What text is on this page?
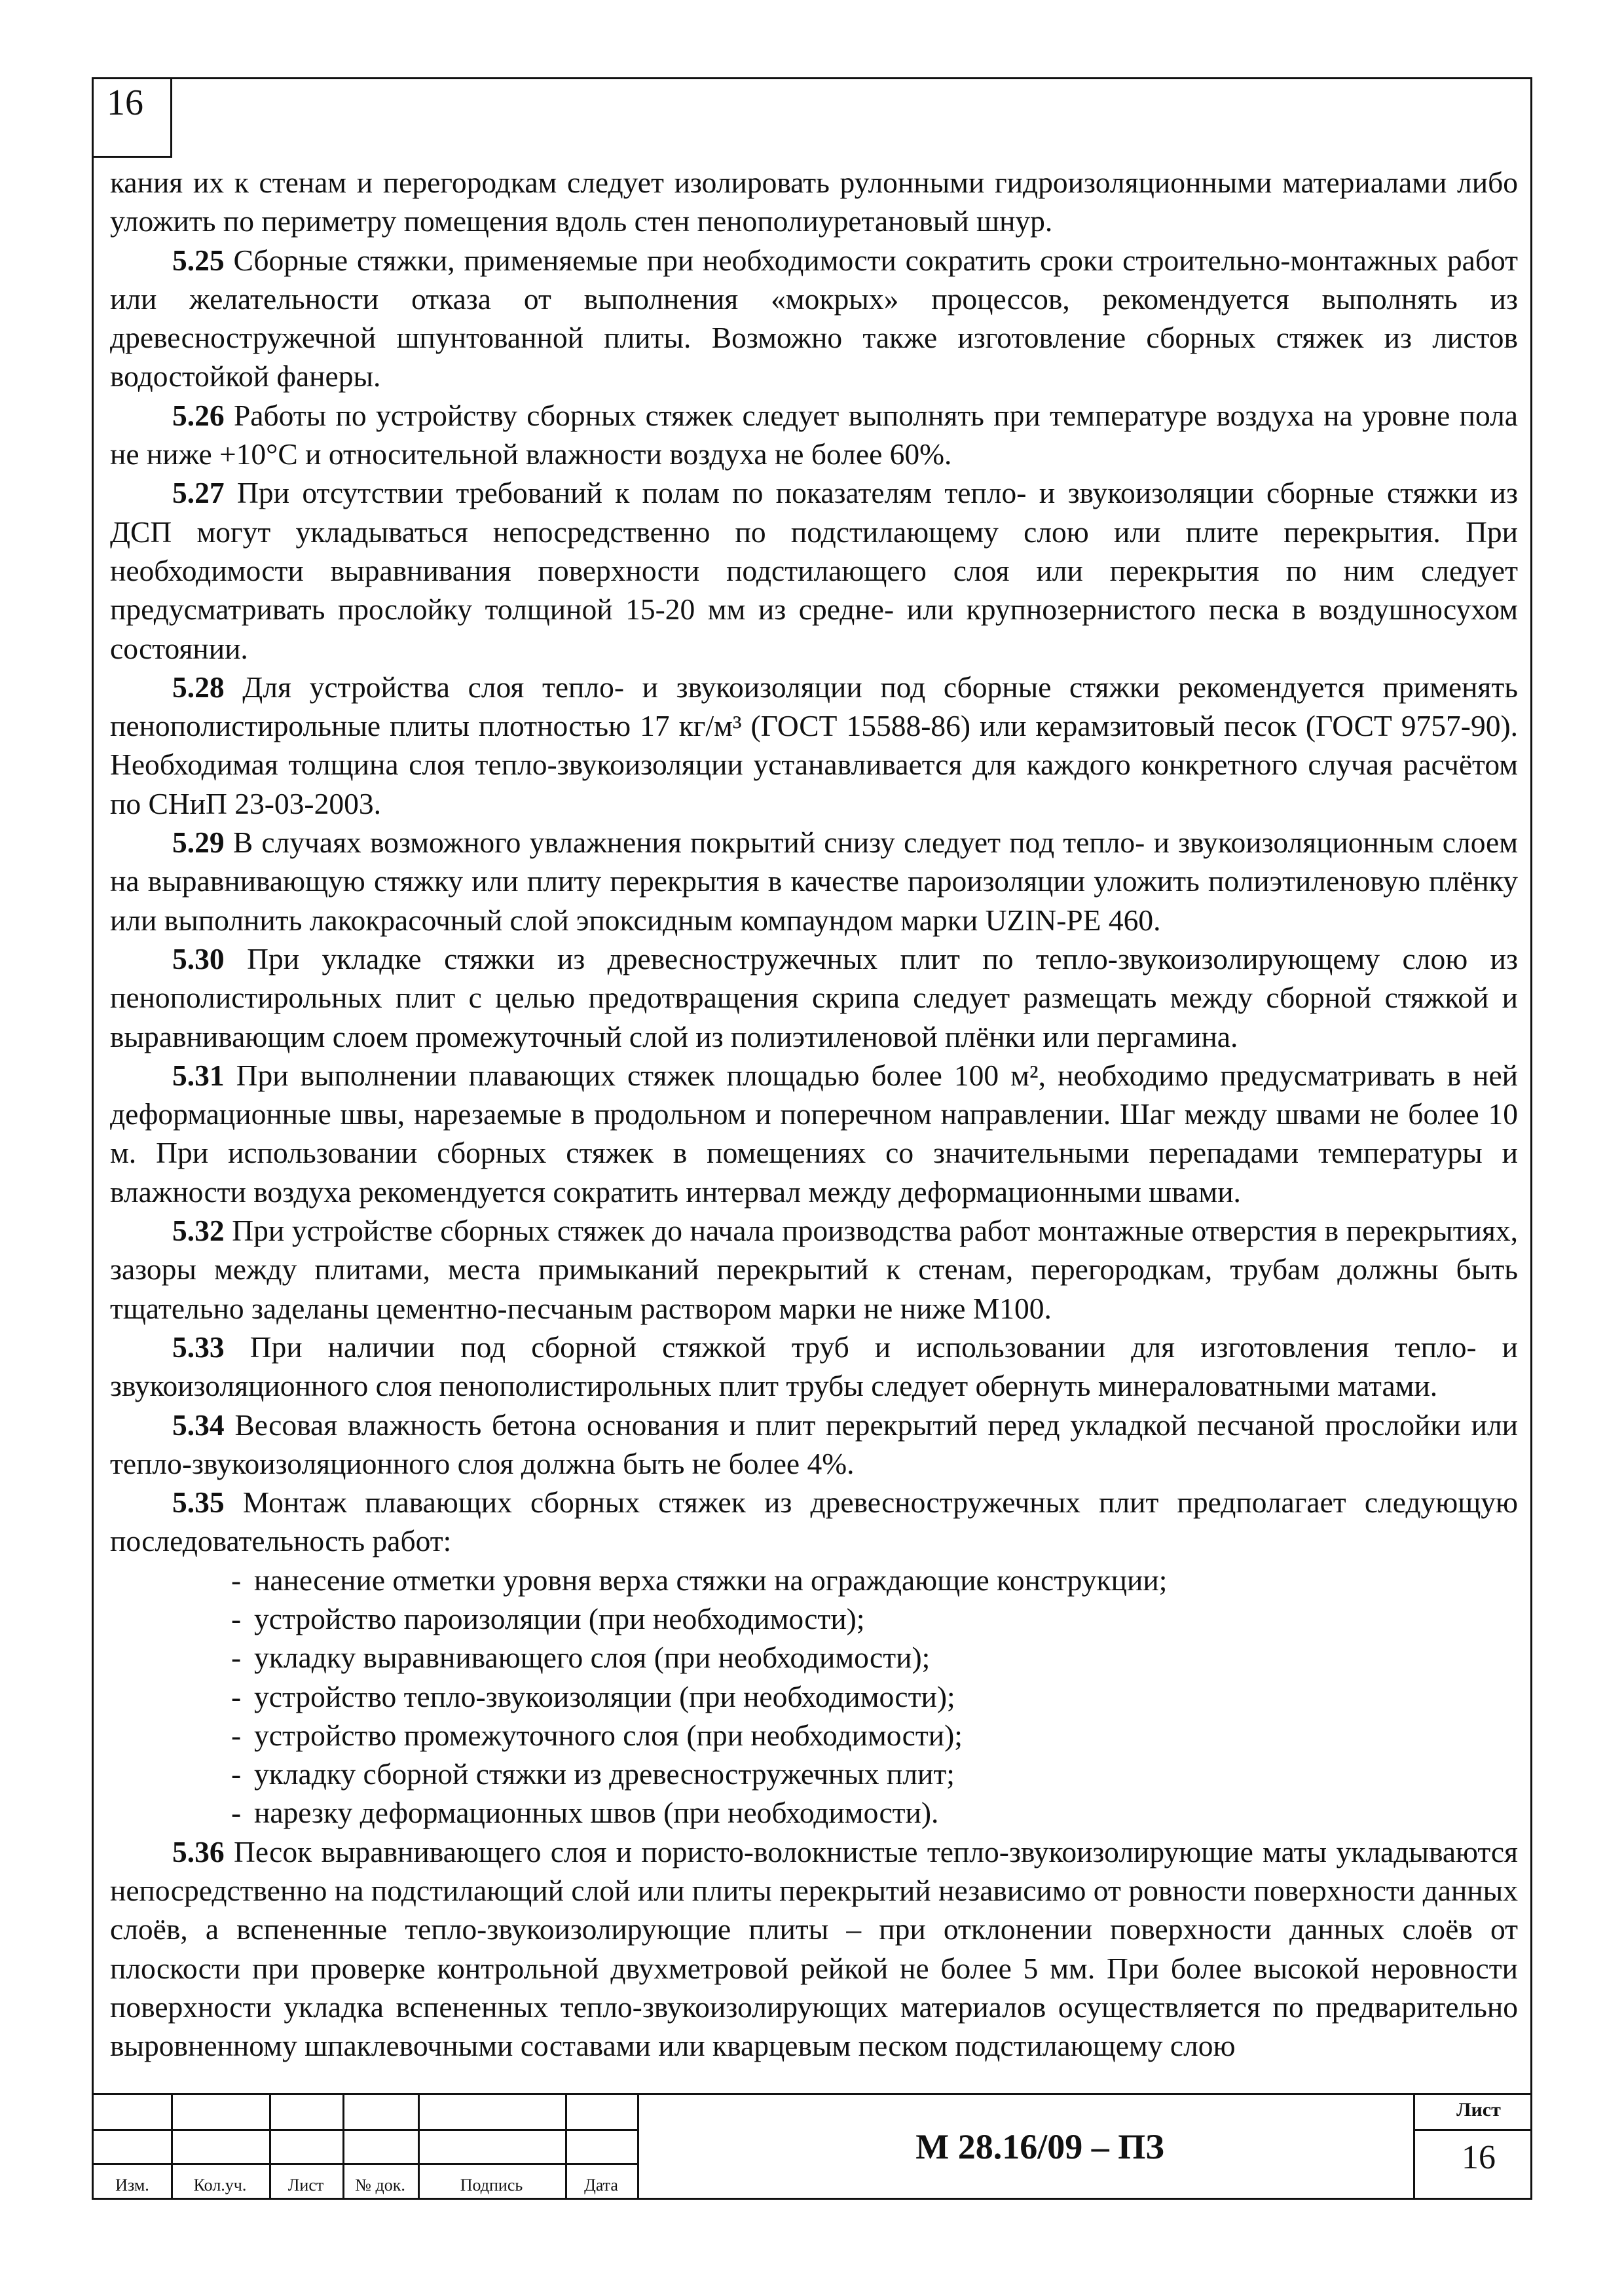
16

кания их к стенам и перегородкам следует изолировать рулонными гидроизоляционными материалами либо уложить по периметру помещения вдоль стен пенополиуретановый шнур.

5.25 Сборные стяжки, применяемые при необходимости сократить сроки строительно-монтажных работ или желательности отказа от выполнения «мокрых» процессов, рекомендуется выполнять из древесностружечной шпунтованной плиты. Возможно также изготовление сборных стяжек из листов водостойкой фанеры.

5.26 Работы по устройству сборных стяжек следует выполнять при температуре воздуха на уровне пола не ниже +10°С и относительной влажности воздуха не более 60%.

5.27 При отсутствии требований к полам по показателям тепло- и звукоизоляции сборные стяжки из ДСП могут укладываться непосредственно по подстилающему слою или плите перекрытия. При необходимости выравнивания поверхности подстилающего слоя или перекрытия по ним следует предусматривать прослойку толщиной 15-20 мм из средне- или крупнозернистого песка в воздушносухом состоянии.

5.28 Для устройства слоя тепло- и звукоизоляции под сборные стяжки рекомендуется применять пенополистирольные плиты плотностью 17 кг/м³ (ГОСТ 15588-86) или керамзитовый песок (ГОСТ 9757-90). Необходимая толщина слоя тепло-звукоизоляции устанавливается для каждого конкретного случая расчётом по СНиП 23-03-2003.

5.29 В случаях возможного увлажнения покрытий снизу следует под тепло- и звукоизоляционным слоем на выравнивающую стяжку или плиту перекрытия в качестве пароизоляции уложить полиэтиленовую плёнку или выполнить лакокрасочный слой эпоксидным компаундом марки UZIN-PE 460.

5.30 При укладке стяжки из древесностружечных плит по тепло-звукоизолирующему слою из пенополистирольных плит с целью предотвращения скрипа следует размещать между сборной стяжкой и выравнивающим слоем промежуточный слой из полиэтиленовой плёнки или пергамина.

5.31 При выполнении плавающих стяжек площадью более 100 м², необходимо предусматривать в ней деформационные швы, нарезаемые в продольном и поперечном направлении. Шаг между швами не более 10 м. При использовании сборных стяжек в помещениях со значительными перепадами температуры и влажности воздуха рекомендуется сократить интервал между деформационными швами.

5.32 При устройстве сборных стяжек до начала производства работ монтажные отверстия в перекрытиях, зазоры между плитами, места примыканий перекрытий к стенам, перегородкам, трубам должны быть тщательно заделаны цементно-песчаным раствором марки не ниже М100.

5.33 При наличии под сборной стяжкой труб и использовании для изготовления тепло- и звукоизоляционного слоя пенополистирольных плит трубы следует обернуть минераловатными матами.

5.34 Весовая влажность бетона основания и плит перекрытий перед укладкой песчаной прослойки или тепло-звукоизоляционного слоя должна быть не более 4%.

5.35 Монтаж плавающих сборных стяжек из древесностружечных плит предполагает следующую последовательность работ:

- нанесение отметки уровня верха стяжки на ограждающие конструкции;
- устройство пароизоляции (при необходимости);
- укладку выравнивающего слоя (при необходимости);
- устройство тепло-звукоизоляции (при необходимости);
- устройство промежуточного слоя (при необходимости);
- укладку сборной стяжки из древесностружечных плит;
- нарезку деформационных швов (при необходимости).

5.36 Песок выравнивающего слоя и пористо-волокнистые тепло-звукоизолирующие маты укладываются непосредственно на подстилающий слой или плиты перекрытий независимо от ровности поверхности данных слоёв, а вспененные тепло-звукоизолирующие плиты – при отклонении поверхности данных слоёв от плоскости при проверке контрольной двухметровой рейкой не более 5 мм. При более высокой неровности поверхности укладка вспененных тепло-звукоизолирующих материалов осуществляется по предварительно выровненному шпаклевочными составами или кварцевым песком подстилающему слою

Изм.	Кол.уч.	Лист	№ док.	Подпись	Дата
М 28.16/09 – ПЗ
Лист
16
